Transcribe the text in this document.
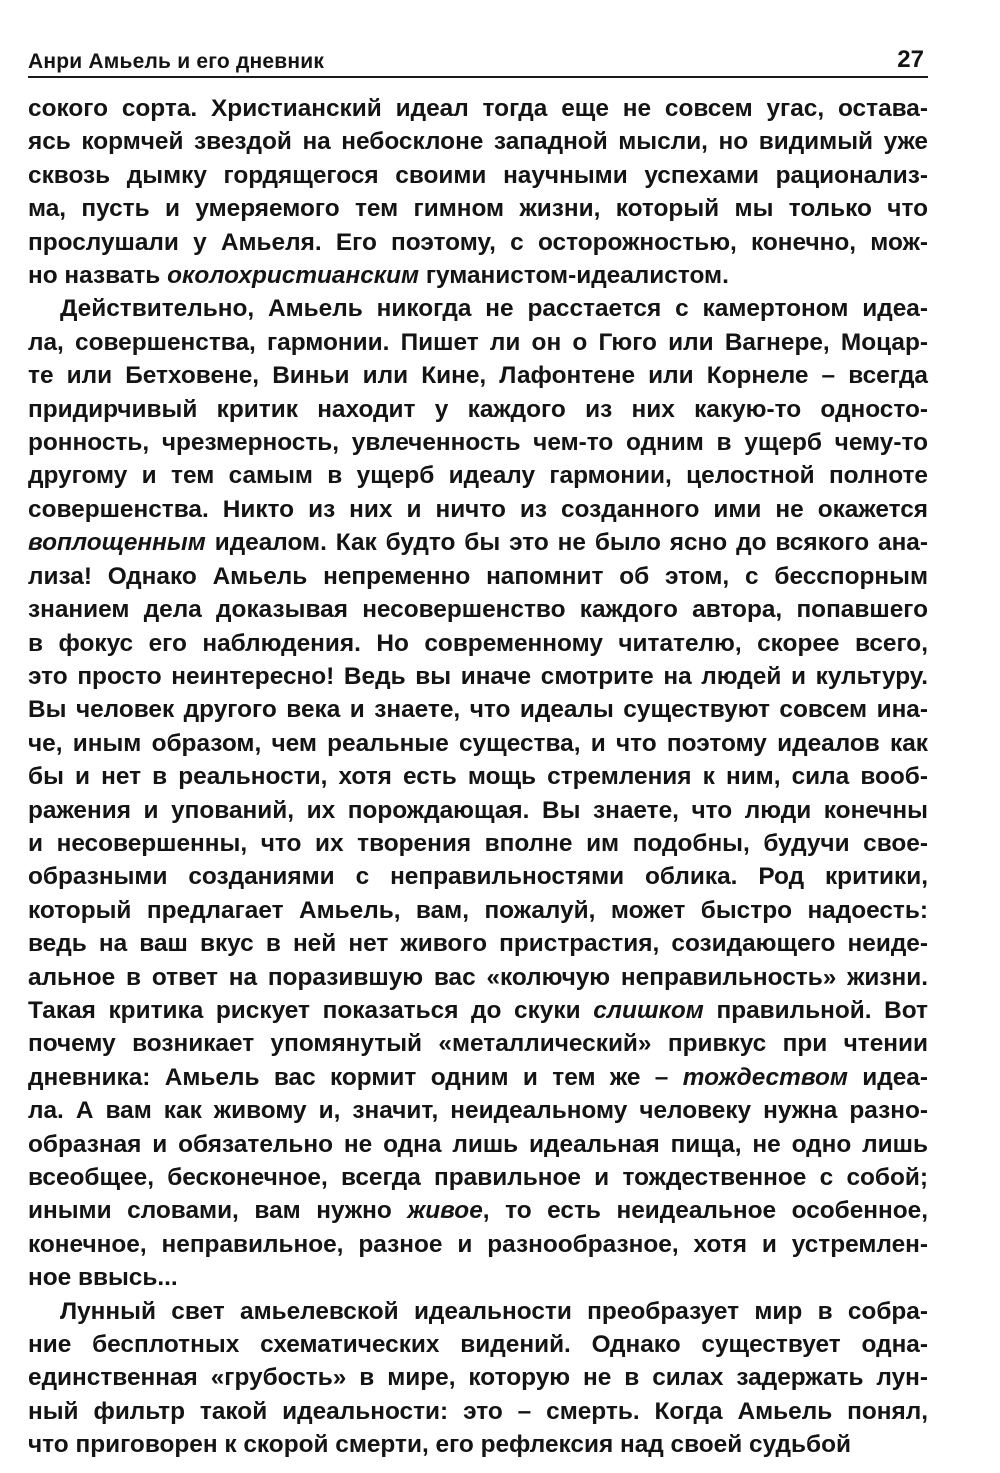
Анри Амьель и его дневник	27

сокого сорта. Христианский идеал тогда еще не совсем угас, остава-
ясь кормчей звездой на небосклоне западной мысли, но видимый уже
сквозь дымку гордящегося своими научными успехами рационализ-
ма, пусть и умеряемого тем гимном жизни, который мы только что
прослушали у Амьеля. Его поэтому, с осторожностью, конечно, мож-
но назвать околохристианским гуманистом-идеалистом.

Действительно, Амьель никогда не расстается с камертоном идеа-
ла, совершенства, гармонии. Пишет ли он о Гюго или Вагнере, Моцар-
те или Бетховене, Виньи или Кине, Лафонтене или Корнеле – всегда
придирчивый критик находит у каждого из них какую-то односто-
ронность, чрезмерность, увлеченность чем-то одним в ущерб чему-то
другому и тем самым в ущерб идеалу гармонии, целостной полноте
совершенства. Никто из них и ничто из созданного ими не окажется
воплощенным идеалом. Как будто бы это не было ясно до всякого ана-
лиза! Однако Амьель непременно напомнит об этом, с бесспорным
знанием дела доказывая несовершенство каждого автора, попавшего
в фокус его наблюдения. Но современному читателю, скорее всего,
это просто неинтересно! Ведь вы иначе смотрите на людей и культуру.
Вы человек другого века и знаете, что идеалы существуют совсем ина-
че, иным образом, чем реальные существа, и что поэтому идеалов как
бы и нет в реальности, хотя есть мощь стремления к ним, сила вооб-
ражения и упований, их порождающая. Вы знаете, что люди конечны
и несовершенны, что их творения вполне им подобны, будучи свое-
образными созданиями с неправильностями облика. Род критики,
который предлагает Амьель, вам, пожалуй, может быстро надоесть:
ведь на ваш вкус в ней нет живого пристрастия, созидающего неиде-
альное в ответ на поразившую вас «колючую неправильность» жизни.
Такая критика рискует показаться до скуки слишком правильной. Вот
почему возникает упомянутый «металлический» привкус при чтении
дневника: Амьель вас кормит одним и тем же – тождеством идеа-
ла. А вам как живому и, значит, неидеальному человеку нужна разно-
образная и обязательно не одна лишь идеальная пища, не одно лишь
всеобщее, бесконечное, всегда правильное и тождественное с собой;
иными словами, вам нужно живое, то есть неидеальное особенное,
конечное, неправильное, разное и разнообразное, хотя и устремлен-
ное ввысь...

Лунный свет амьелевской идеальности преобразует мир в собра-
ние бесплотных схематических видений. Однако существует одна-
единственная «грубость» в мире, которую не в силах задержать лун-
ный фильтр такой идеальности: это – смерть. Когда Амьель понял,
что приговорен к скорой смерти, его рефлексия над своей судьбой
